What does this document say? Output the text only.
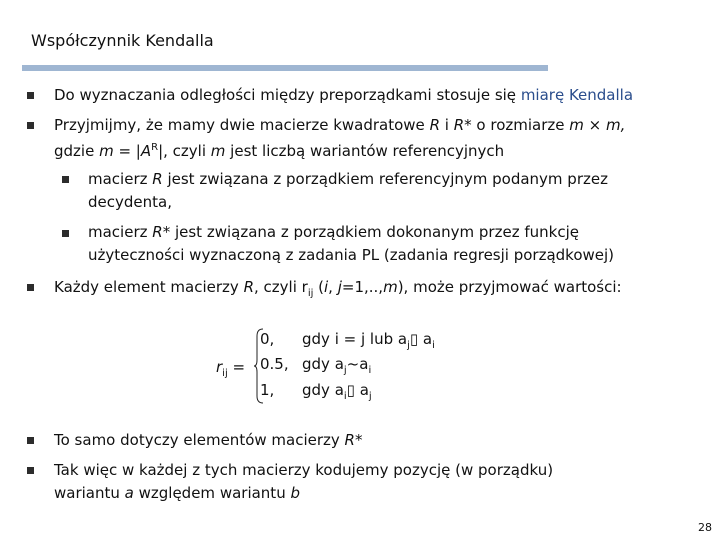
Współczynnik Kendalla
Do wyznaczania odległości między preporządkami stosuje się miarę Kendalla
Przyjmijmy, że mamy dwie macierze kwadratowe R i R* o rozmiarze m × m,
gdzie $m = |A^R|$, czyli m jest liczbą wariantów referencyjnych
macierz R jest związana z porządkiem referencyjnym podanym przez
decydenta,
macierz R* jest związana z porządkiem dokonanym przez funkcję
użyteczności wyznaczoną z zadania PL (zadania regresji porządkowej)
Każdy element macierzy R, czyli $r_{ij}$ (i, j=1,..,m), może przyjmować wartości:
$r_{ij}$ =
0, gdy i = j lub $a_j▯$ $a_i$
0.5, gdy $a_j\sim a_i$
1, gdy $a_i▯$ $a_j$
To samo dotyczy elementów macierzy R*
Tak więc w każdej z tych macierzy kodujemy pozycję (w porządku)
wariantu a względem wariantu b
28
